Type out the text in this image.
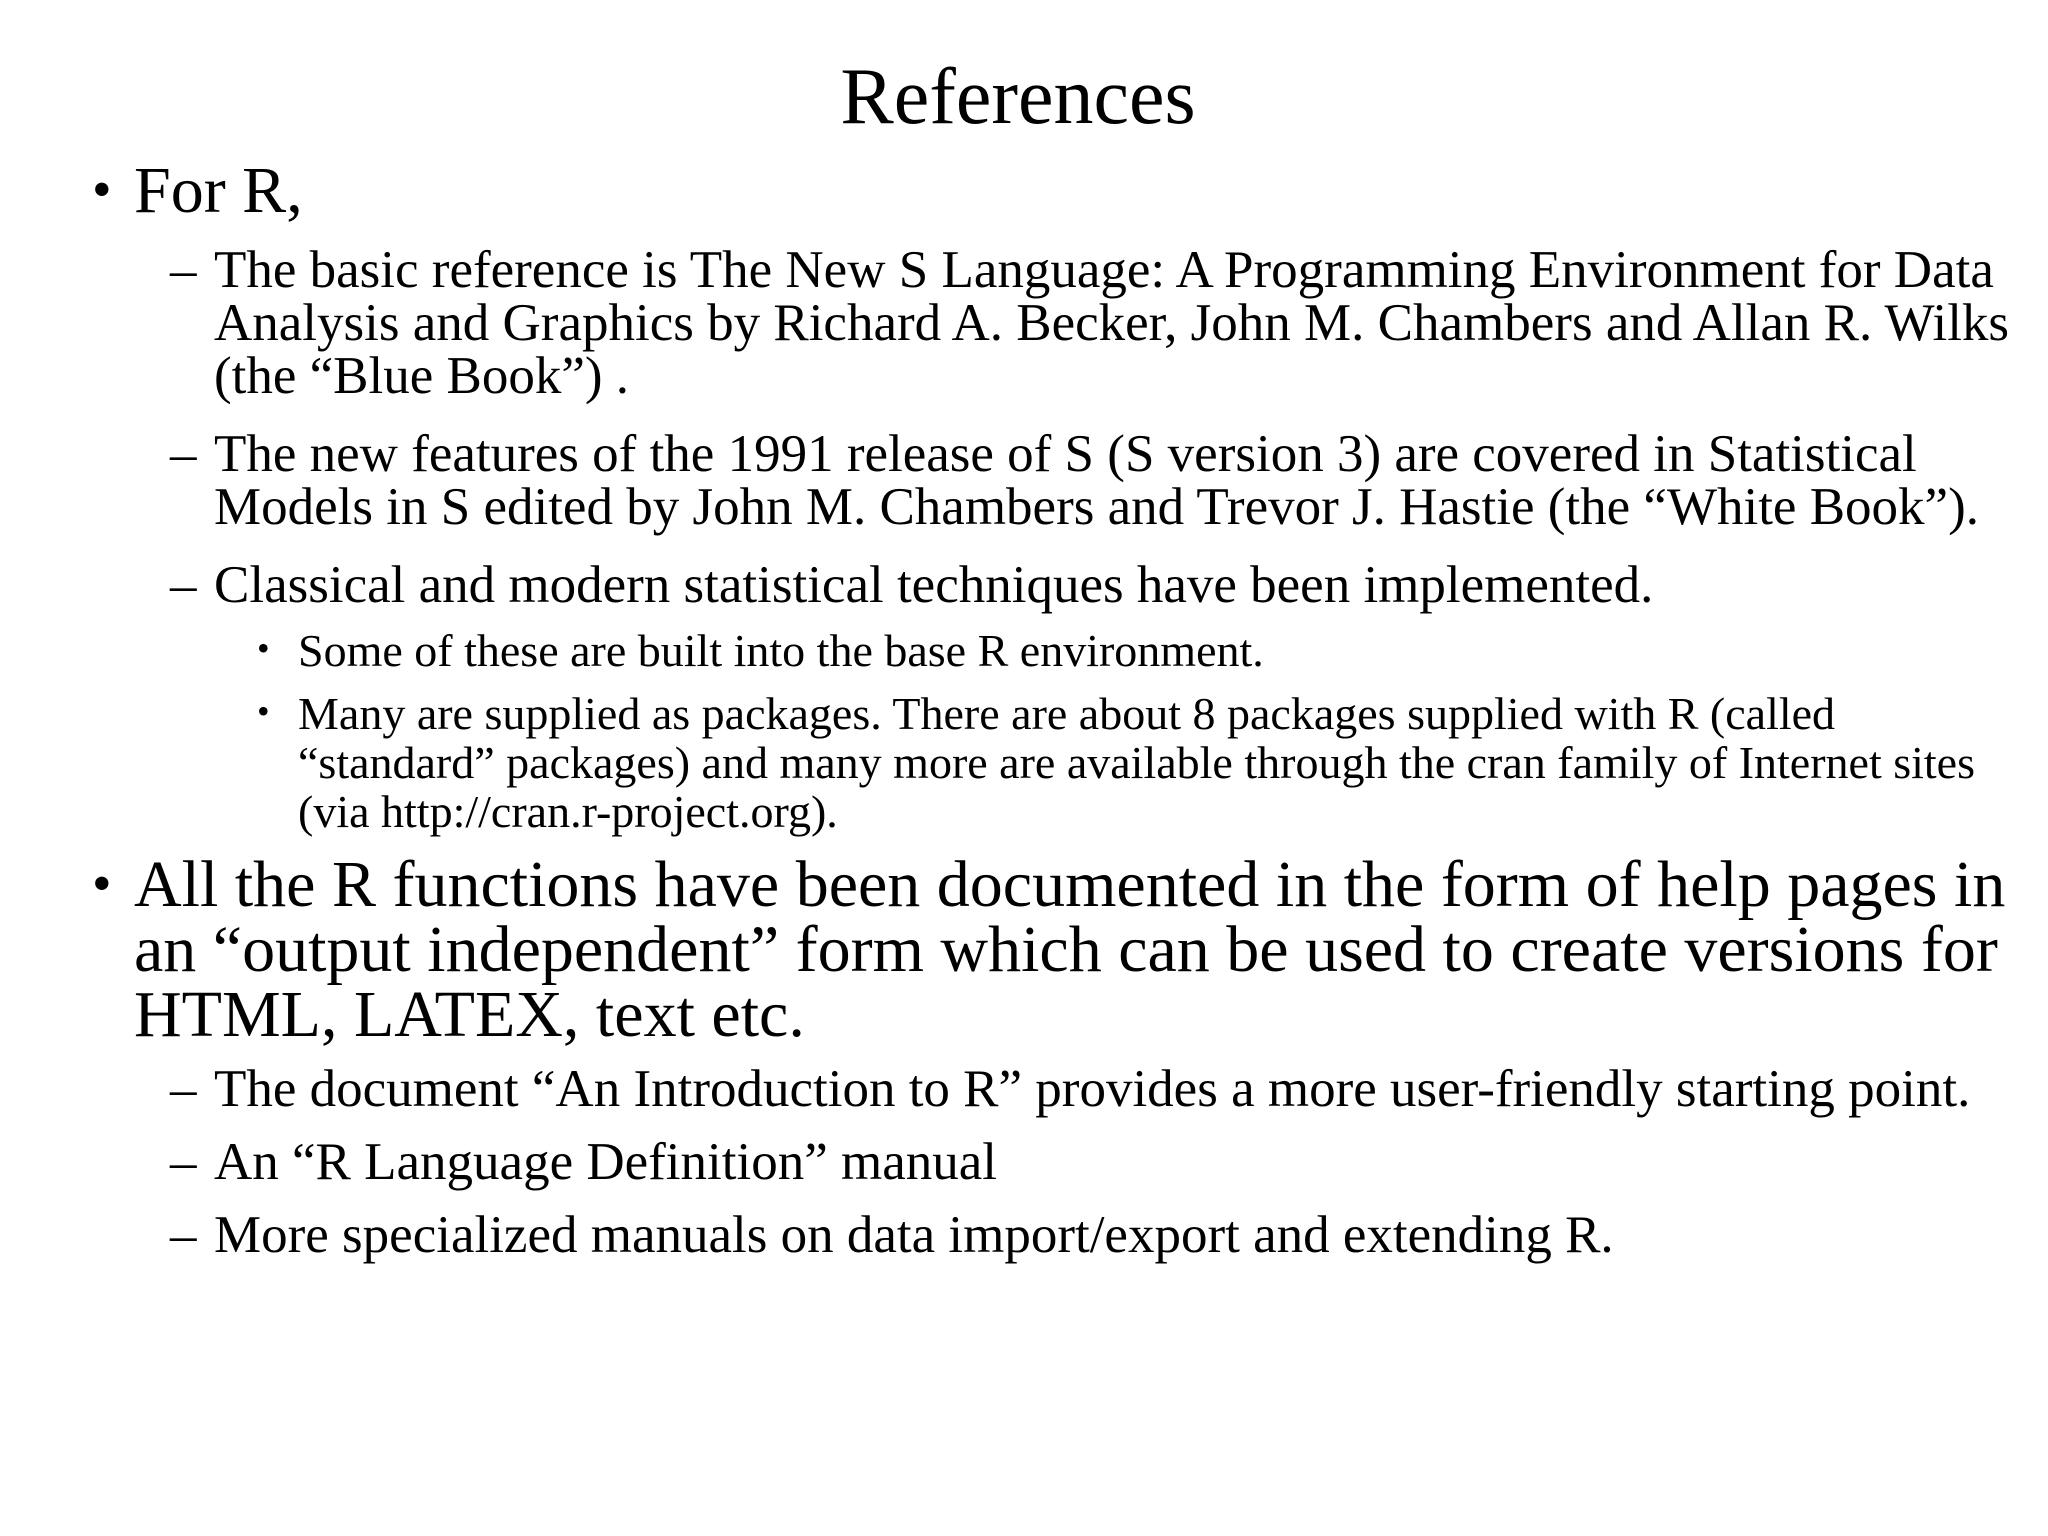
References
• For R,
– The basic reference is The New S Language: A Programming Environment for Data Analysis and Graphics by Richard A. Becker, John M. Chambers and Allan R. Wilks (the “Blue Book”) .
– The new features of the 1991 release of S (S version 3) are covered in Statistical Models in S edited by John M. Chambers and Trevor J. Hastie (the “White Book”).
– Classical and modern statistical techniques have been implemented.
• Some of these are built into the base R environment.
• Many are supplied as packages. There are about 8 packages supplied with R (called “standard” packages) and many more are available through the cran family of Internet sites (via http://cran.r-project.org).
• All the R functions have been documented in the form of help pages in an “output independent” form which can be used to create versions for HTML, LATEX, text etc.
– The document “An Introduction to R” provides a more user-friendly starting point.
– An “R Language Definition” manual
– More specialized manuals on data import/export and extending R.
